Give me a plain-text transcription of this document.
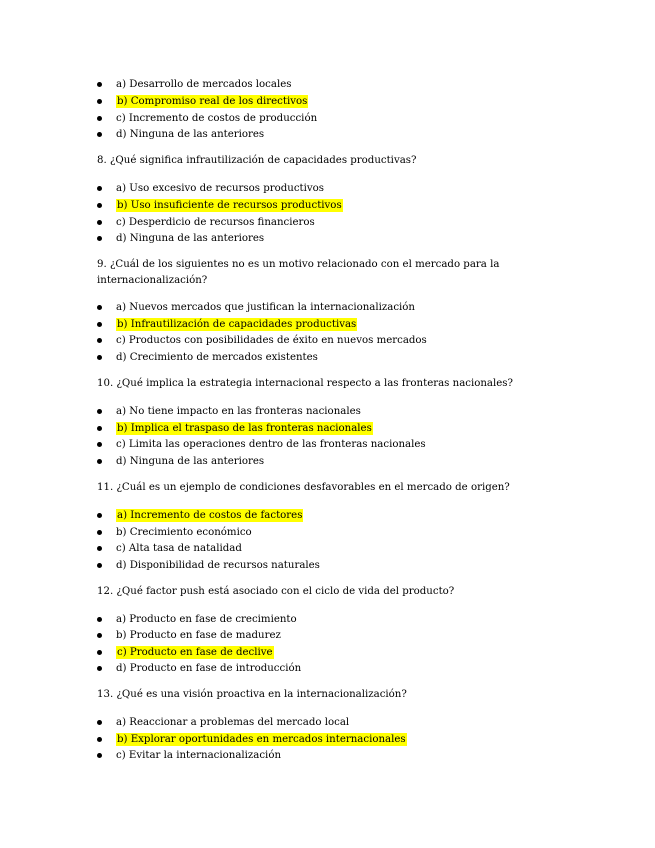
a) Desarrollo de mercados locales
b) Compromiso real de los directivos
c) Incremento de costos de producción
d) Ninguna de las anteriores
8. ¿Qué significa infrautilización de capacidades productivas?
a) Uso excesivo de recursos productivos
b) Uso insuficiente de recursos productivos
c) Desperdicio de recursos financieros
d) Ninguna de las anteriores
9. ¿Cuál de los siguientes no es un motivo relacionado con el mercado para la
internacionalización?
a) Nuevos mercados que justifican la internacionalización
b) Infrautilización de capacidades productivas
c) Productos con posibilidades de éxito en nuevos mercados
d) Crecimiento de mercados existentes
10. ¿Qué implica la estrategia internacional respecto a las fronteras nacionales?
a) No tiene impacto en las fronteras nacionales
b) Implica el traspaso de las fronteras nacionales
c) Limita las operaciones dentro de las fronteras nacionales
d) Ninguna de las anteriores
11. ¿Cuál es un ejemplo de condiciones desfavorables en el mercado de origen?
a) Incremento de costos de factores
b) Crecimiento económico
c) Alta tasa de natalidad
d) Disponibilidad de recursos naturales
12. ¿Qué factor push está asociado con el ciclo de vida del producto?
a) Producto en fase de crecimiento
b) Producto en fase de madurez
c) Producto en fase de declive
d) Producto en fase de introducción
13. ¿Qué es una visión proactiva en la internacionalización?
a) Reaccionar a problemas del mercado local
b) Explorar oportunidades en mercados internacionales
c) Evitar la internacionalización
